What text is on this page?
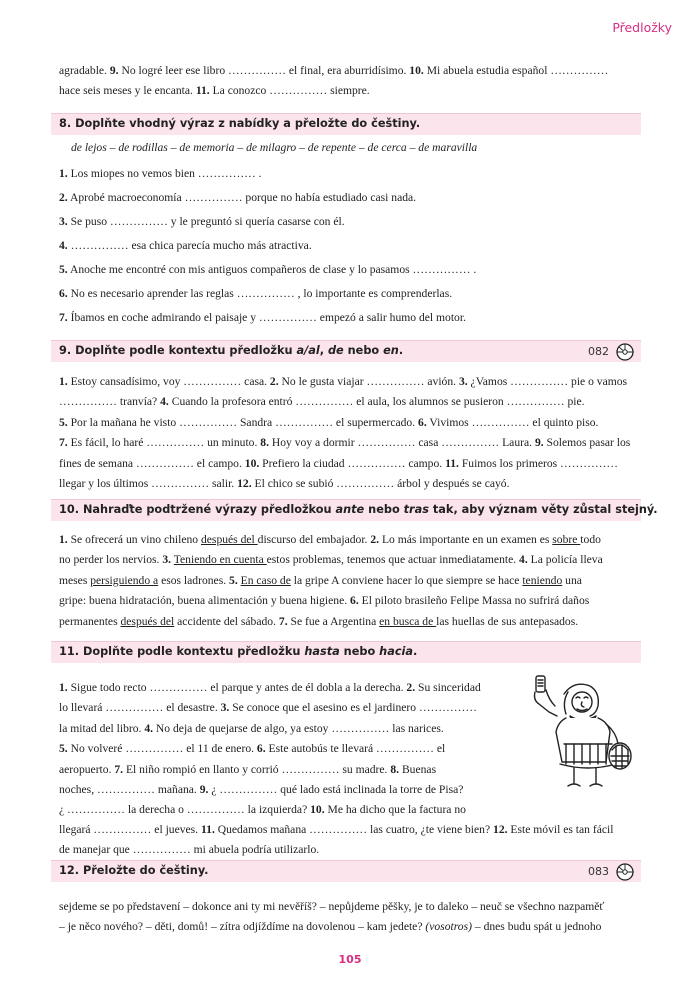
Předložky
agradable. 9. No logré leer ese libro …………… el final, era aburridísimo. 10. Mi abuela estudia español ……………
hace seis meses y le encanta. 11. La conozco …………… siempre.
8. Doplňte vhodný výraz z nabídky a přeložte do češtiny.
de lejos – de rodillas – de memoria – de milagro – de repente – de cerca – de maravilla
1. Los miopes no vemos bien …………… .
2. Aprobé macroeconomía …………… porque no había estudiado casi nada.
3. Se puso …………… y le preguntó si quería casarse con él.
4. …………… esa chica parecía mucho más atractiva.
5. Anoche me encontré con mis antiguos compañeros de clase y lo pasamos …………… .
6. No es necesario aprender las reglas …………… , lo importante es comprenderlas.
7. Íbamos en coche admirando el paisaje y …………… empezó a salir humo del motor.
9. Doplňte podle kontextu předložku a/al, de nebo en.	082
1. Estoy cansadísimo, voy …………… casa. 2. No le gusta viajar …………… avión. 3. ¿Vamos …………… pie o vamos
…………… tranvía? 4. Cuando la profesora entró …………… el aula, los alumnos se pusieron …………… pie.
5. Por la mañana he visto …………… Sandra …………… el supermercado. 6. Vivimos …………… el quinto piso.
7. Es fácil, lo haré …………… un minuto. 8. Hoy voy a dormir …………… casa …………… Laura. 9. Solemos pasar los
fines de semana …………… el campo. 10. Prefiero la ciudad …………… campo. 11. Fuimos los primeros ……………
llegar y los últimos …………… salir. 12. El chico se subió …………… árbol y después se cayó.
10. Nahraďte podtržené výrazy předložkou ante nebo tras tak, aby význam věty zůstal stejný.
1. Se ofrecerá un vino chileno después del discurso del embajador. 2. Lo más importante en un examen es sobre todo
no perder los nervios. 3. Teniendo en cuenta estos problemas, tenemos que actuar inmediatamente. 4. La policía lleva
meses persiguiendo a esos ladrones. 5. En caso de la gripe A conviene hacer lo que siempre se hace teniendo una
gripe: buena hidratación, buena alimentación y buena higiene. 6. El piloto brasileño Felipe Massa no sufrirá daños
permanentes después del accidente del sábado. 7. Se fue a Argentina en busca de las huellas de sus antepasados.
11. Doplňte podle kontextu předložku hasta nebo hacia.
1. Sigue todo recto …………… el parque y antes de él dobla a la derecha. 2. Su sinceridad
lo llevará …………… el desastre. 3. Se conoce que el asesino es el jardinero ……………
la mitad del libro. 4. No deja de quejarse de algo, ya estoy …………… las narices.
5. No volveré …………… el 11 de enero. 6. Este autobús te llevará …………… el
aeropuerto. 7. El niño rompió en llanto y corrió …………… su madre. 8. Buenas
noches, …………… mañana. 9. ¿ …………… qué lado está inclinada la torre de Pisa?
¿ …………… la derecha o …………… la izquierda? 10. Me ha dicho que la factura no
llegará …………… el jueves. 11. Quedamos mañana …………… las cuatro, ¿te viene bien? 12. Este móvil es tan fácil
de manejar que …………… mi abuela podría utilizarlo.
12. Přeložte do češtiny.	083
sejdeme se po představení – dokonce ani ty mi nevěříš? – nepůjdeme pěšky, je to daleko – neuč se všechno nazpaměť
– je něco nového? – děti, domů! – zítra odjíždíme na dovolenou – kam jedete? (vosotros) – dnes budu spát u jednoho
105
